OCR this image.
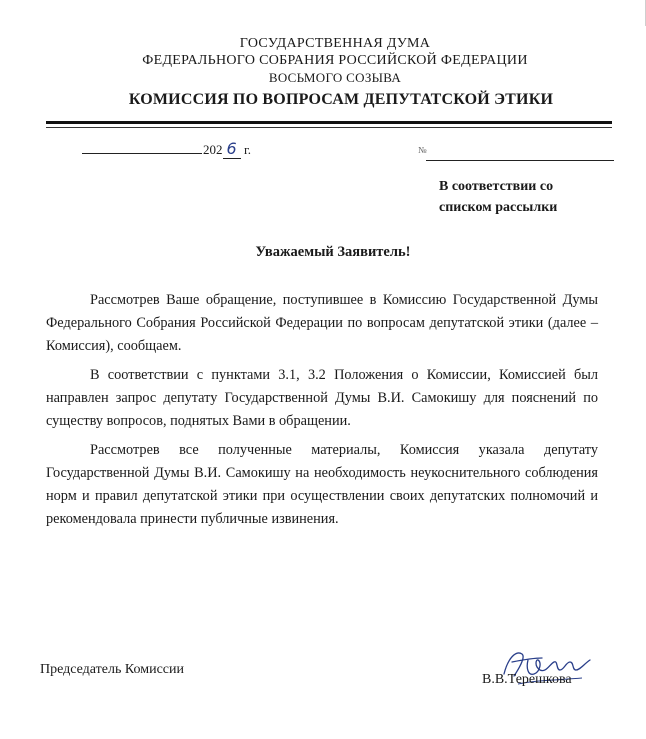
ГОСУДАРСТВЕННАЯ ДУМА
ФЕДЕРАЛЬНОГО СОБРАНИЯ РОССИЙСКОЙ ФЕДЕРАЦИИ
ВОСЬМОГО СОЗЫВА
КОМИССИЯ ПО ВОПРОСАМ ДЕПУТАТСКОЙ ЭТИКИ
202 6 г.	№
В соответствии со
списком рассылки
Уважаемый Заявитель!

Рассмотрев Ваше обращение, поступившее в Комиссию Государственной Думы Федерального Собрания Российской Федерации по вопросам депутатской этики (далее – Комиссия), сообщаем.

В соответствии с пунктами 3.1, 3.2 Положения о Комиссии, Комиссией был направлен запрос депутату Государственной Думы В.И. Самокишу для пояснений по существу вопросов, поднятых Вами в обращении.

Рассмотрев все полученные материалы, Комиссия указала депутату Государственной Думы В.И. Самокишу на необходимость неукоснительного соблюдения норм и правил депутатской этики при осуществлении своих депутатских полномочий и рекомендовала принести публичные извинения.

Председатель Комиссии
В.В.Терешкова
